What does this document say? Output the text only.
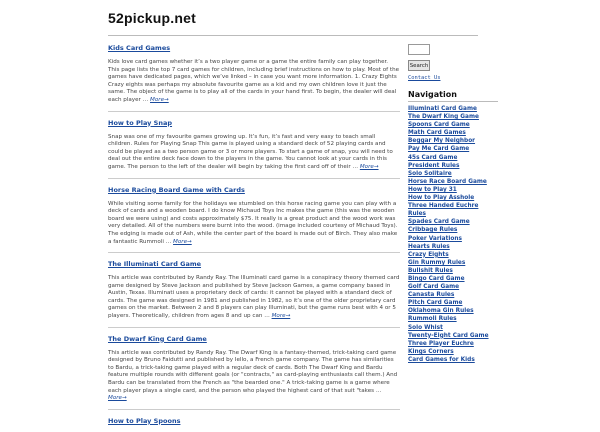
52pickup.net
Kids Card Games

Kids love card games whether it’s a two player game or a game the entire family can play together. This page lists the top 7 card games for children, including brief instructions on how to play. Most of the games have dedicated pages, which we’ve linked – in case you want more information. 1. Crazy Eights Crazy eights was perhaps my absolute favourite game as a kid and my own children love it just the same. The object of the game is to play all of the cards in your hand first. To begin, the dealer will deal each player … More→

How to Play Snap

Snap was one of my favourite games growing up. It’s fun, it’s fast and very easy to teach small children. Rules for Playing Snap This game is played using a standard deck of 52 playing cards and could be played as a two person game or 3 or more players. To start a game of snap, you will need to deal out the entire deck face down to the players in the game. You cannot look at your cards in this game. The person to the left of the dealer will begin by taking the first card off of their … More→

Horse Racing Board Game with Cards

While visiting some family for the holidays we stumbled on this horse racing game you can play with a deck of cards and a wooden board. I do know Michaud Toys Inc makes the game (this was the wooden board we were using) and costs approximately $75. It really is a great product and the wood work was very detailed. All of the numbers were burnt into the wood. (image included courtesy of Michaud Toys). The edging is made out of Ash, while the center part of the board is made out of Birch. They also make a fantastic Rummoli … More→

The Illuminati Card Game

This article was contributed by Randy Ray. The Illuminati card game is a conspiracy theory themed card game designed by Steve Jackson and published by Steve Jackson Games, a game company based in Austin, Texas. Illuminati uses a proprietary deck of cards: it cannot be played with a standard deck of cards. The game was designed in 1981 and published in 1982, so it’s one of the older proprietary card games on the market. Between 2 and 8 players can play Illuminati, but the game runs best with 4 or 5 players. Theoretically, children from ages 8 and up can … More→

The Dwarf King Card Game

This article was contributed by Randy Ray. The Dwarf King is a fantasy-themed, trick-taking card game designed by Bruno Faidutti and published by Iello, a French game company. The game has similarities to Bardu, a trick-taking game played with a regular deck of cards. Both The Dwarf King and Bardu feature multiple rounds with different goals (or "contracts," as card-playing enthusiasts call them.) And Bardu can be translated from the French as "the bearded one." A trick-taking game is a game where each player plays a single card, and the person who played the highest card of that suit "takes … More→

How to Play Spoons
Search
Contact Us
Navigation
Illuminati Card Game
The Dwarf King Game
Spoons Card Game
Math Card Games
Beggar My Neighbor
Pay Me Card Game
45s Card Game
President Rules
Solo Solitaire
Horse Race Board Game
How to Play 31
How to Play Asshole
Three Handed Euchre Rules
Spades Card Game
Cribbage Rules
Poker Variations
Hearts Rules
Crazy Eights
Gin Rummy Rules
Bullshit Rules
Bingo Card Game
Golf Card Game
Canasta Rules
Pitch Card Game
Oklahoma Gin Rules
Rummoli Rules
Solo Whist
Twenty-Eight Card Game
Three Player Euchre
Kings Corners
Card Games for Kids
